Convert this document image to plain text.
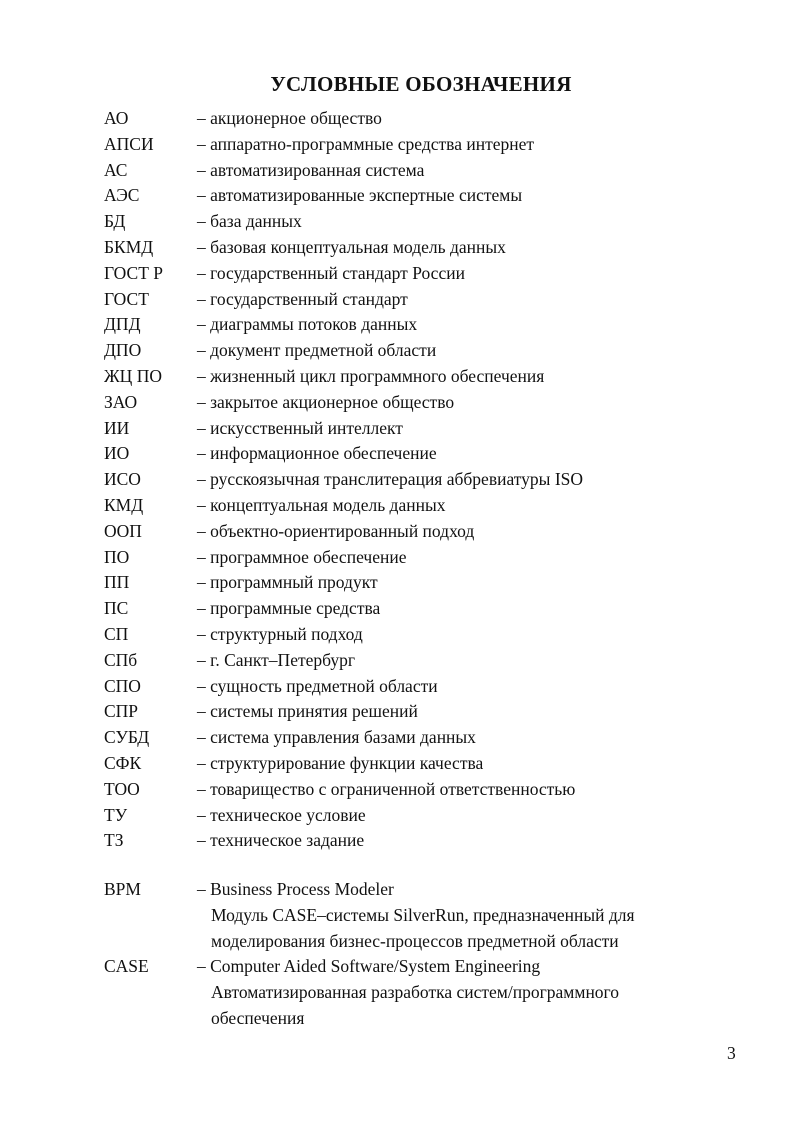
УСЛОВНЫЕ ОБОЗНАЧЕНИЯ
АО	– акционерное общество
АПСИ – аппаратно-программные средства интернет
АС	– автоматизированная система
АЭС	– автоматизированные экспертные системы
БД	– база данных
БКМД	– базовая концептуальная модель данных
ГОСТ Р – государственный стандарт России
ГОСТ	– государственный стандарт
ДПД	– диаграммы потоков данных
ДПО	– документ предметной области
ЖЦ ПО – жизненный цикл программного обеспечения
ЗАО	– закрытое акционерное общество
ИИ	– искусственный интеллект
ИО	– информационное обеспечение
ИСО	– русскоязычная транслитерация аббревиатуры ISO
КМД	– концептуальная модель данных
ООП	– объектно-ориентированный подход
ПО	– программное обеспечение
ПП	– программный продукт
ПС	– программные средства
СП	– структурный подход
СПб	– г. Санкт–Петербург
СПО	– сущность предметной области
СПР	– системы принятия решений
СУБД	– система управления базами данных
СФК	– структурирование функции качества
ТОО	– товарищество с ограниченной ответственностью
ТУ	– техническое условие
ТЗ	– техническое задание
BPM	– Business Process Modeler
Модуль CASE–системы SilverRun, предназначенный для моделирования бизнес-процессов предметной области
CASE	– Computer Aided Software/System Engineering
Автоматизированная разработка систем/программного обеспечения
3
